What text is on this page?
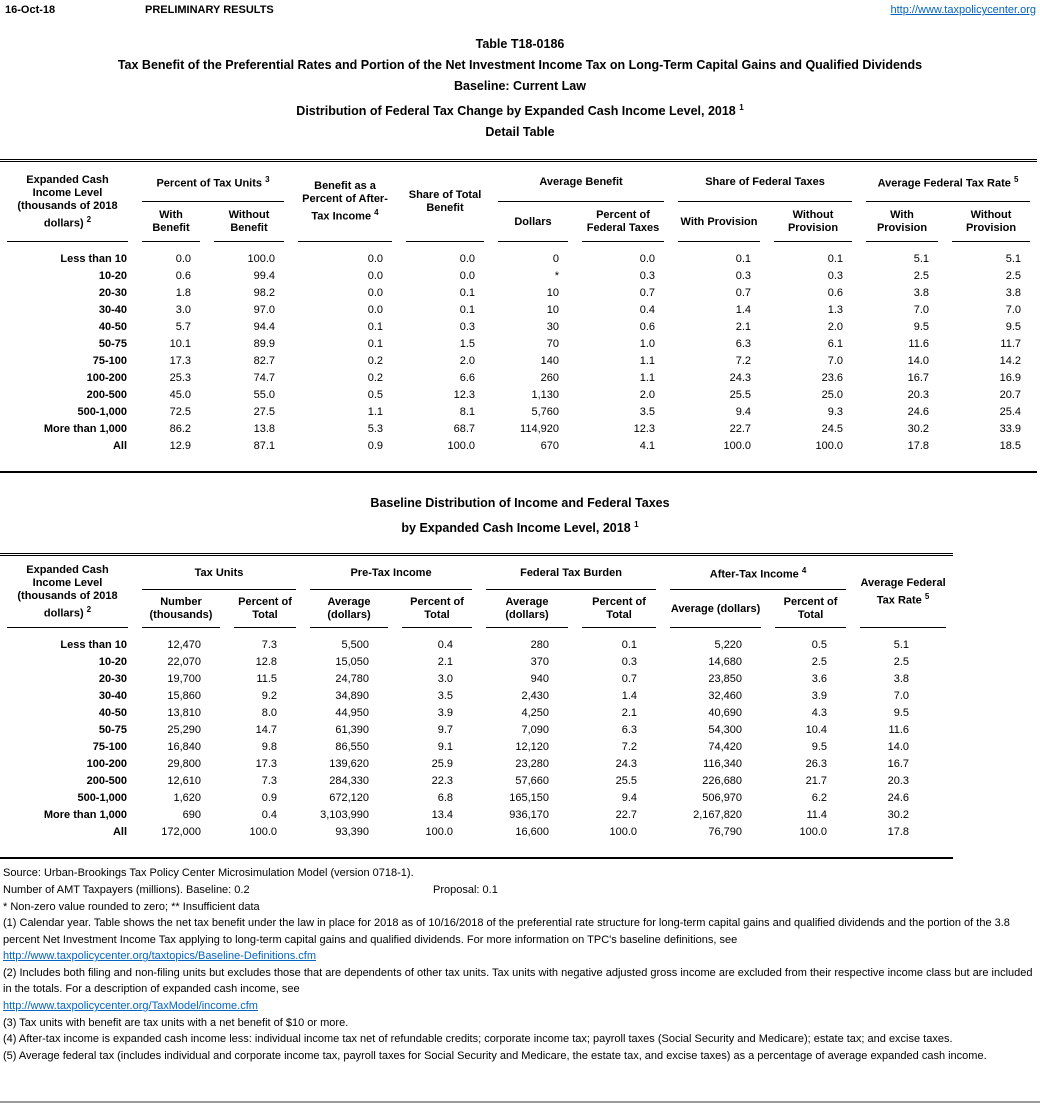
16-Oct-18	PRELIMINARY RESULTS	http://www.taxpolicycenter.org
Table T18-0186
Tax Benefit of the Preferential Rates and Portion of the Net Investment Income Tax on Long-Term Capital Gains and Qualified Dividends
Baseline: Current Law
Distribution of Federal Tax Change by Expanded Cash Income Level, 2018 $^1$
Detail Table
Expanded Cash Income Level (thousands of 2018 dollars) $^2$	Percent of Tax Units $^3$		Benefit as a Percent of After-Tax Income $^4$	Share of Total Benefit	Average Benefit		Share of Federal Taxes		Average Federal Tax Rate $^5$
	With Benefit	Without Benefit			Dollars	Percent of Federal Taxes	With Provision	Without Provision	With Provision	Without Provision
Less than 10	0.0	100.0	0.0	0.0	0	0.0	0.1	0.1	5.1	5.1
10-20	0.6	99.4	0.0	0.0	*	0.3	0.3	0.3	2.5	2.5
20-30	1.8	98.2	0.0	0.1	10	0.7	0.7	0.6	3.8	3.8
30-40	3.0	97.0	0.0	0.1	10	0.4	1.4	1.3	7.0	7.0
40-50	5.7	94.4	0.1	0.3	30	0.6	2.1	2.0	9.5	9.5
50-75	10.1	89.9	0.1	1.5	70	1.0	6.3	6.1	11.6	11.7
75-100	17.3	82.7	0.2	2.0	140	1.1	7.2	7.0	14.0	14.2
100-200	25.3	74.7	0.2	6.6	260	1.1	24.3	23.6	16.7	16.9
200-500	45.0	55.0	0.5	12.3	1,130	2.0	25.5	25.0	20.3	20.7
500-1,000	72.5	27.5	1.1	8.1	5,760	3.5	9.4	9.3	24.6	25.4
More than 1,000	86.2	13.8	5.3	68.7	114,920	12.3	22.7	24.5	30.2	33.9
All	12.9	87.1	0.9	100.0	670	4.1	100.0	100.0	17.8	18.5
Baseline Distribution of Income and Federal Taxes
by Expanded Cash Income Level, 2018 $^1$
Expanded Cash Income Level (thousands of 2018 dollars) $^2$	Tax Units		Pre-Tax Income		Federal Tax Burden		After-Tax Income $^4$		Average Federal Tax Rate $^5$
	Number (thousands)	Percent of Total	Average (dollars)	Percent of Total	Average (dollars)	Percent of Total	Average (dollars)	Percent of Total	
Less than 10	12,470	7.3	5,500	0.4	280	0.1	5,220	0.5	5.1
10-20	22,070	12.8	15,050	2.1	370	0.3	14,680	2.5	2.5
20-30	19,700	11.5	24,780	3.0	940	0.7	23,850	3.6	3.8
30-40	15,860	9.2	34,890	3.5	2,430	1.4	32,460	3.9	7.0
40-50	13,810	8.0	44,950	3.9	4,250	2.1	40,690	4.3	9.5
50-75	25,290	14.7	61,390	9.7	7,090	6.3	54,300	10.4	11.6
75-100	16,840	9.8	86,550	9.1	12,120	7.2	74,420	9.5	14.0
100-200	29,800	17.3	139,620	25.9	23,280	24.3	116,340	26.3	16.7
200-500	12,610	7.3	284,330	22.3	57,660	25.5	226,680	21.7	20.3
500-1,000	1,620	0.9	672,120	6.8	165,150	9.4	506,970	6.2	24.6
More than 1,000	690	0.4	3,103,990	13.4	936,170	22.7	2,167,820	11.4	30.2
All	172,000	100.0	93,390	100.0	16,600	100.0	76,790	100.0	17.8
Source: Urban-Brookings Tax Policy Center Microsimulation Model (version 0718-1).
Number of AMT Taxpayers (millions). Baseline: 0.2	Proposal: 0.1
* Non-zero value rounded to zero; ** Insufficient data
(1) Calendar year. Table shows the net tax benefit under the law in place for 2018 as of 10/16/2018 of the preferential rate structure for long-term capital gains and qualified dividends and the portion of the 3.8 percent Net Investment Income Tax applying to long-term capital gains and qualified dividends. For more information on TPC's baseline definitions, see
http://www.taxpolicycenter.org/taxtopics/Baseline-Definitions.cfm
(2) Includes both filing and non-filing units but excludes those that are dependents of other tax units. Tax units with negative adjusted gross income are excluded from their respective income class but are included in the totals. For a description of expanded cash income, see
http://www.taxpolicycenter.org/TaxModel/income.cfm
(3) Tax units with benefit are tax units with a net benefit of $10 or more.
(4) After-tax income is expanded cash income less: individual income tax net of refundable credits; corporate income tax; payroll taxes (Social Security and Medicare); estate tax; and excise taxes.
(5) Average federal tax (includes individual and corporate income tax, payroll taxes for Social Security and Medicare, the estate tax, and excise taxes) as a percentage of average expanded cash income.
